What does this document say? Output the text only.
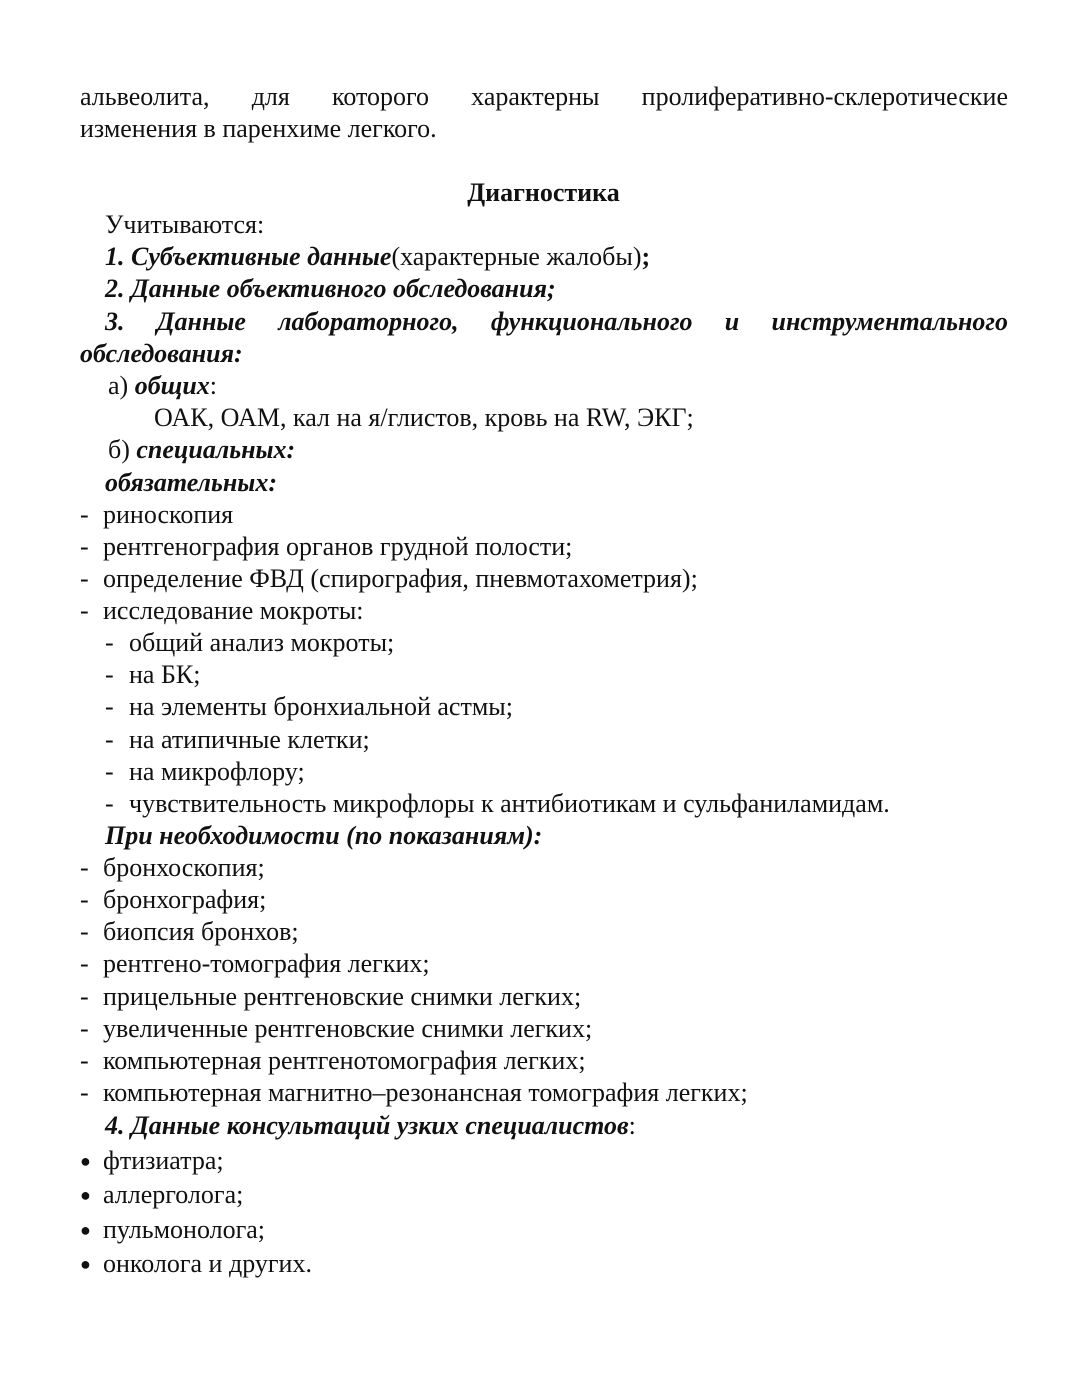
альвеолита, для которого характерны пролиферативно-склеротические
изменения в паренхиме легкого.
Диагностика
Учитываются:
1. Субъективные данные(характерные жалобы);
2. Данные объективного обследования;
3. Данные лабораторного, функционального и инструментального
обследования:
а) общих:
ОАК, ОАМ, кал на я/глистов, кровь на RW, ЭКГ;
б) специальных:
обязательных:
- риноскопия
- рентгенография органов грудной полости;
- определение ФВД (спирография, пневмотахометрия);
- исследование мокроты:
- общий анализ мокроты;
- на БК;
- на элементы бронхиальной астмы;
- на атипичные клетки;
- на микрофлору;
- чувствительность микрофлоры к антибиотикам и сульфаниламидам.
При необходимости (по показаниям):
- бронхоскопия;
- бронхография;
- биопсия бронхов;
- рентгено-томография легких;
- прицельные рентгеновские снимки легких;
- увеличенные рентгеновские снимки легких;
- компьютерная рентгенотомография легких;
- компьютерная магнитно–резонансная томография легких;
4. Данные консультаций узких специалистов:
● фтизиатра;
● аллерголога;
● пульмонолога;
● онколога и других.
